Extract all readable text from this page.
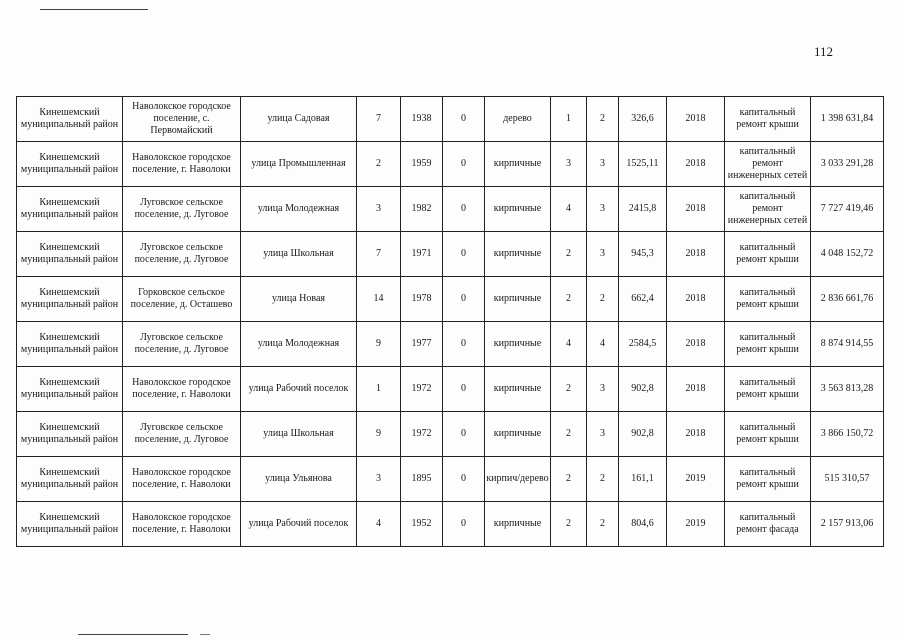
112
Кинешемский муниципальный район	Наволокское городское поселение, с. Первомайский	улица Садовая	7	1938	0	дерево	1	2	326,6	2018	капитальный ремонт крыши	1 398 631,84
Кинешемский муниципальный район	Наволокское городское поселение, г. Наволоки	улица Промышленная	2	1959	0	кирпичные	3	3	1525,11	2018	капитальный ремонт инженерных сетей	3 033 291,28
Кинешемский муниципальный район	Луговское сельское поселение, д. Луговое	улица Молодежная	3	1982	0	кирпичные	4	3	2415,8	2018	капитальный ремонт инженерных сетей	7 727 419,46
Кинешемский муниципальный район	Луговское сельское поселение, д. Луговое	улица Школьная	7	1971	0	кирпичные	2	3	945,3	2018	капитальный ремонт крыши	4 048 152,72
Кинешемский муниципальный район	Горковское сельское поселение, д. Осташево	улица Новая	14	1978	0	кирпичные	2	2	662,4	2018	капитальный ремонт крыши	2 836 661,76
Кинешемский муниципальный район	Луговское сельское поселение, д. Луговое	улица Молодежная	9	1977	0	кирпичные	4	4	2584,5	2018	капитальный ремонт крыши	8 874 914,55
Кинешемский муниципальный район	Наволокское городское поселение, г. Наволоки	улица Рабочий поселок	1	1972	0	кирпичные	2	3	902,8	2018	капитальный ремонт крыши	3 563 813,28
Кинешемский муниципальный район	Луговское сельское поселение, д. Луговое	улица Школьная	9	1972	0	кирпичные	2	3	902,8	2018	капитальный ремонт крыши	3 866 150,72
Кинешемский муниципальный район	Наволокское городское поселение, г. Наволоки	улица Ульянова	3	1895	0	кирпич/дерево	2	2	161,1	2019	капитальный ремонт крыши	515 310,57
Кинешемский муниципальный район	Наволокское городское поселение, г. Наволоки	улица Рабочий поселок	4	1952	0	кирпичные	2	2	804,6	2019	капитальный ремонт фасада	2 157 913,06
